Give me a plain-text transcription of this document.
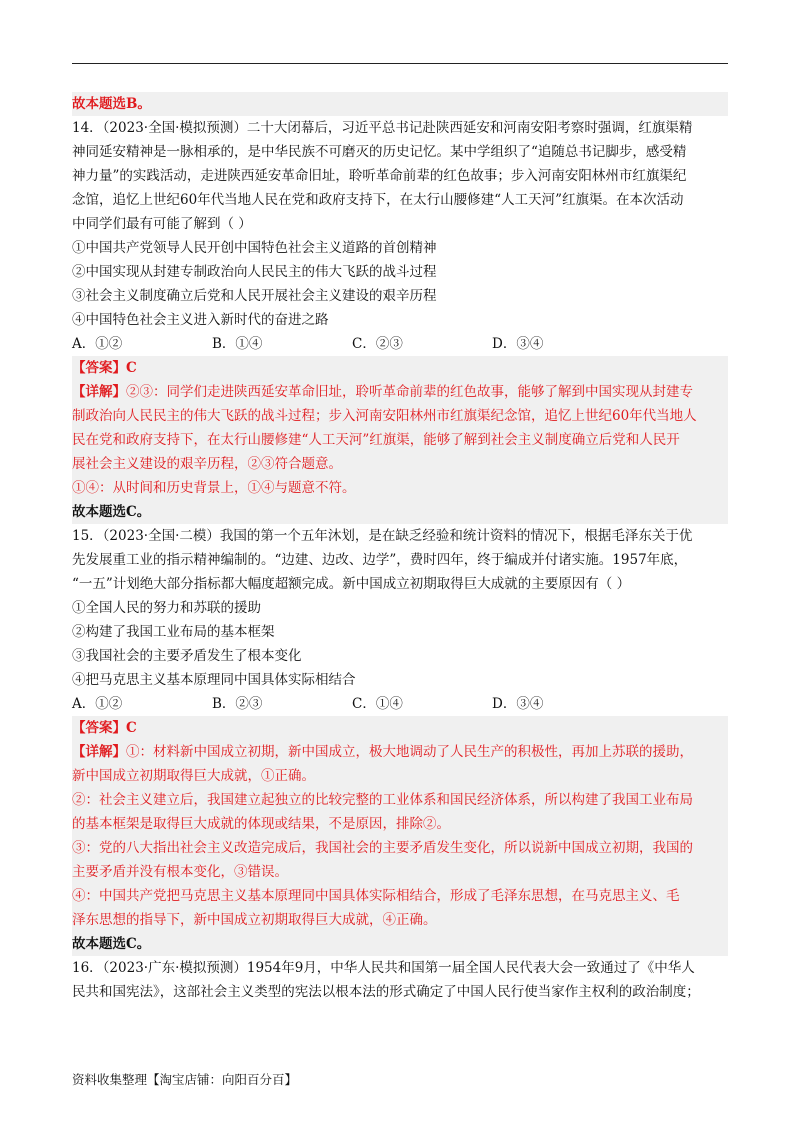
故本题选B。
14．（2023·全国·模拟预测）二十大闭幕后，习近平总书记赴陕西延安和河南安阳考察时强调，红旗渠精
神同延安精神是一脉相承的，是中华民族不可磨灭的历史记忆。某中学组织了“追随总书记脚步，感受精
神力量”的实践活动，走进陕西延安革命旧址，聆听革命前辈的红色故事；步入河南安阳林州市红旗渠纪
念馆，追忆上世纪60年代当地人民在党和政府支持下，在太行山腰修建“人工天河”红旗渠。在本次活动
中同学们最有可能了解到（ ）
①中国共产党领导人民开创中国特色社会主义道路的首创精神
②中国实现从封建专制政治向人民民主的伟大飞跃的战斗过程
③社会主义制度确立后党和人民开展社会主义建设的艰辛历程
④中国特色社会主义进入新时代的奋进之路
A．①②	B．①④	C．②③	D．③④
【答案】C
【详解】②③：同学们走进陕西延安革命旧址，聆听革命前辈的红色故事，能够了解到中国实现从封建专
制政治向人民民主的伟大飞跃的战斗过程；步入河南安阳林州市红旗渠纪念馆，追忆上世纪60年代当地人
民在党和政府支持下，在太行山腰修建“人工天河”红旗渠，能够了解到社会主义制度确立后党和人民开
展社会主义建设的艰辛历程，②③符合题意。
①④：从时间和历史背景上，①④与题意不符。
故本题选C。
15．（2023·全国·二模）我国的第一个五年沐划，是在缺乏经验和统计资料的情况下，根据毛泽东关于优
先发展重工业的指示精神编制的。“边建、边改、边学”，费时四年，终于编成并付诸实施。1957年底，
“一五”计划绝大部分指标都大幅度超额完成。新中国成立初期取得巨大成就的主要原因有（ ）
①全国人民的努力和苏联的援助
②构建了我国工业布局的基本框架
③我国社会的主要矛盾发生了根本变化
④把马克思主义基本原理同中国具体实际相结合
A．①②	B．②③	C．①④	D．③④
【答案】C
【详解】①：材料新中国成立初期，新中国成立，极大地调动了人民生产的积极性，再加上苏联的援助，
新中国成立初期取得巨大成就，①正确。
②：社会主义建立后，我国建立起独立的比较完整的工业体系和国民经济体系，所以构建了我国工业布局
的基本框架是取得巨大成就的体现或结果，不是原因，排除②。
③：党的八大指出社会主义改造完成后，我国社会的主要矛盾发生变化，所以说新中国成立初期，我国的
主要矛盾并没有根本变化，③错误。
④：中国共产党把马克思主义基本原理同中国具体实际相结合，形成了毛泽东思想，在马克思主义、毛
泽东思想的指导下，新中国成立初期取得巨大成就，④正确。
故本题选C。
16．（2023·广东·模拟预测）1954年9月，中华人民共和国第一届全国人民代表大会一致通过了《中华人
民共和国宪法》，这部社会主义类型的宪法以根本法的形式确定了中国人民行使当家作主权利的政治制度；
资料收集整理【淘宝店铺：向阳百分百】
